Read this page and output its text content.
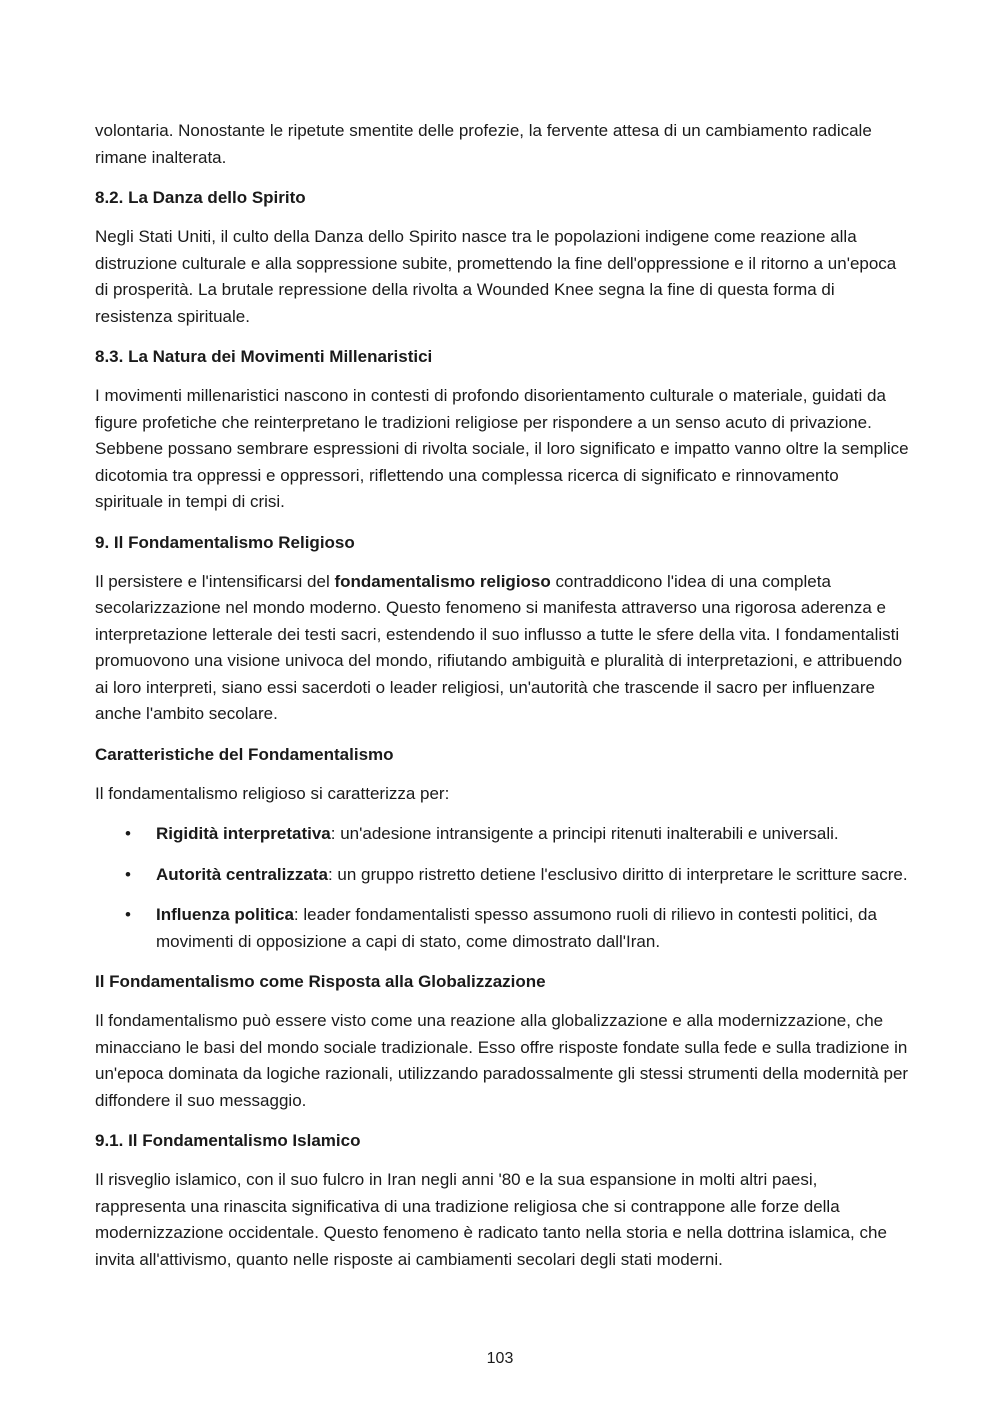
volontaria. Nonostante le ripetute smentite delle profezie, la fervente attesa di un cambiamento radicale rimane inalterata.

8.2. La Danza dello Spirito

Negli Stati Uniti, il culto della Danza dello Spirito nasce tra le popolazioni indigene come reazione alla distruzione culturale e alla soppressione subite, promettendo la fine dell'oppressione e il ritorno a un'epoca di prosperità. La brutale repressione della rivolta a Wounded Knee segna la fine di questa forma di resistenza spirituale.

8.3. La Natura dei Movimenti Millenaristici

I movimenti millenaristici nascono in contesti di profondo disorientamento culturale o materiale, guidati da figure profetiche che reinterpretano le tradizioni religiose per rispondere a un senso acuto di privazione. Sebbene possano sembrare espressioni di rivolta sociale, il loro significato e impatto vanno oltre la semplice dicotomia tra oppressi e oppressori, riflettendo una complessa ricerca di significato e rinnovamento spirituale in tempi di crisi.

9. Il Fondamentalismo Religioso

Il persistere e l'intensificarsi del fondamentalismo religioso contraddicono l'idea di una completa secolarizzazione nel mondo moderno. Questo fenomeno si manifesta attraverso una rigorosa aderenza e interpretazione letterale dei testi sacri, estendendo il suo influsso a tutte le sfere della vita. I fondamentalisti promuovono una visione univoca del mondo, rifiutando ambiguità e pluralità di interpretazioni, e attribuendo ai loro interpreti, siano essi sacerdoti o leader religiosi, un'autorità che trascende il sacro per influenzare anche l'ambito secolare.

Caratteristiche del Fondamentalismo

Il fondamentalismo religioso si caratterizza per:

• Rigidità interpretativa: un'adesione intransigente a principi ritenuti inalterabili e universali.
• Autorità centralizzata: un gruppo ristretto detiene l'esclusivo diritto di interpretare le scritture sacre.
• Influenza politica: leader fondamentalisti spesso assumono ruoli di rilievo in contesti politici, da movimenti di opposizione a capi di stato, come dimostrato dall'Iran.
Il Fondamentalismo come Risposta alla Globalizzazione

Il fondamentalismo può essere visto come una reazione alla globalizzazione e alla modernizzazione, che minacciano le basi del mondo sociale tradizionale. Esso offre risposte fondate sulla fede e sulla tradizione in un'epoca dominata da logiche razionali, utilizzando paradossalmente gli stessi strumenti della modernità per diffondere il suo messaggio.

9.1. Il Fondamentalismo Islamico

Il risveglio islamico, con il suo fulcro in Iran negli anni '80 e la sua espansione in molti altri paesi, rappresenta una rinascita significativa di una tradizione religiosa che si contrappone alle forze della modernizzazione occidentale. Questo fenomeno è radicato tanto nella storia e nella dottrina islamica, che invita all'attivismo, quanto nelle risposte ai cambiamenti secolari degli stati moderni.

103
